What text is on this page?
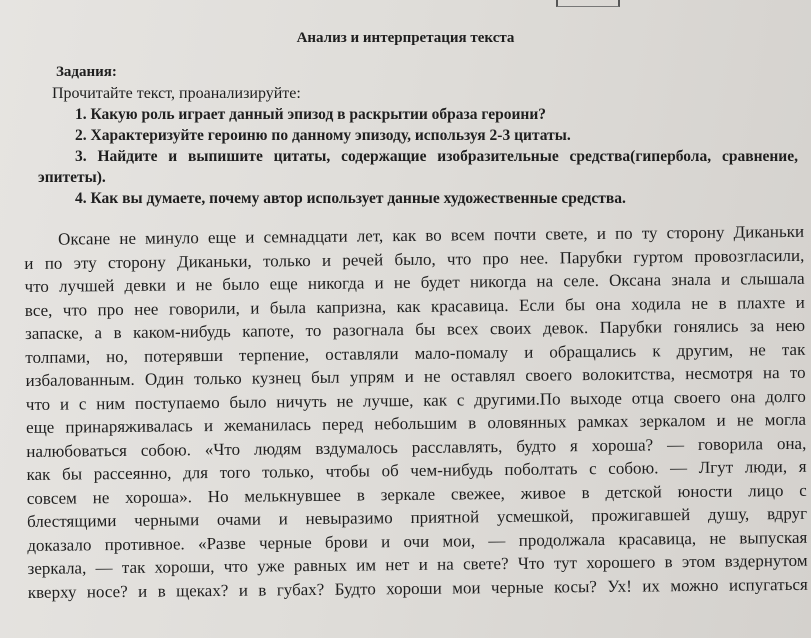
Анализ и интерпретация текста
Задания:
Прочитайте текст, проанализируйте:
1. Какую роль играет данный эпизод в раскрытии образа героини?
2. Характеризуйте героиню по данному эпизоду, используя 2-3 цитаты.
3. Найдите и выпишите цитаты, содержащие изобразительные средства(гипербола, сравнение, эпитеты).
4. Как вы думаете, почему автор использует данные художественные средства.
Оксане не минуло еще и семнадцати лет, как во всем почти свете, и по ту сторону Диканьки
и по эту сторону Диканьки, только и речей было, что про нее. Парубки гуртом провозгласили,
что лучшей девки и не было еще никогда и не будет никогда на селе. Оксана знала и слышала
все, что про нее говорили, и была капризна, как красавица. Если бы она ходила не в плахте и
запаске, а в каком-нибудь капоте, то разогнала бы всех своих девок. Парубки гонялись за нею
толпами, но, потерявши терпение, оставляли мало-помалу и обращались к другим, не так
избалованным. Один только кузнец был упрям и не оставлял своего волокитства, несмотря на то
что и с ним поступаемо было ничуть не лучше, как с другими.По выходе отца своего она долго
еще принаряживалась и жеманилась перед небольшим в оловянных рамках зеркалом и не могла
налюбоваться собою. «Что людям вздумалось расславлять, будто я хороша? — говорила она,
как бы рассеянно, для того только, чтобы об чем-нибудь поболтать с собою. — Лгут люди, я
совсем не хороша». Но мелькнувшее в зеркале свежее, живое в детской юности лицо с
блестящими черными очами и невыразимо приятной усмешкой, прожигавшей душу, вдруг
доказало противное. «Разве черные брови и очи мои, — продолжала красавица, не выпуская
зеркала, — так хороши, что уже равных им нет и на свете? Что тут хорошего в этом вздернутом
кверху носе? и в щеках? и в губах? Будто хороши мои черные косы? Ух! их можно испугаться
